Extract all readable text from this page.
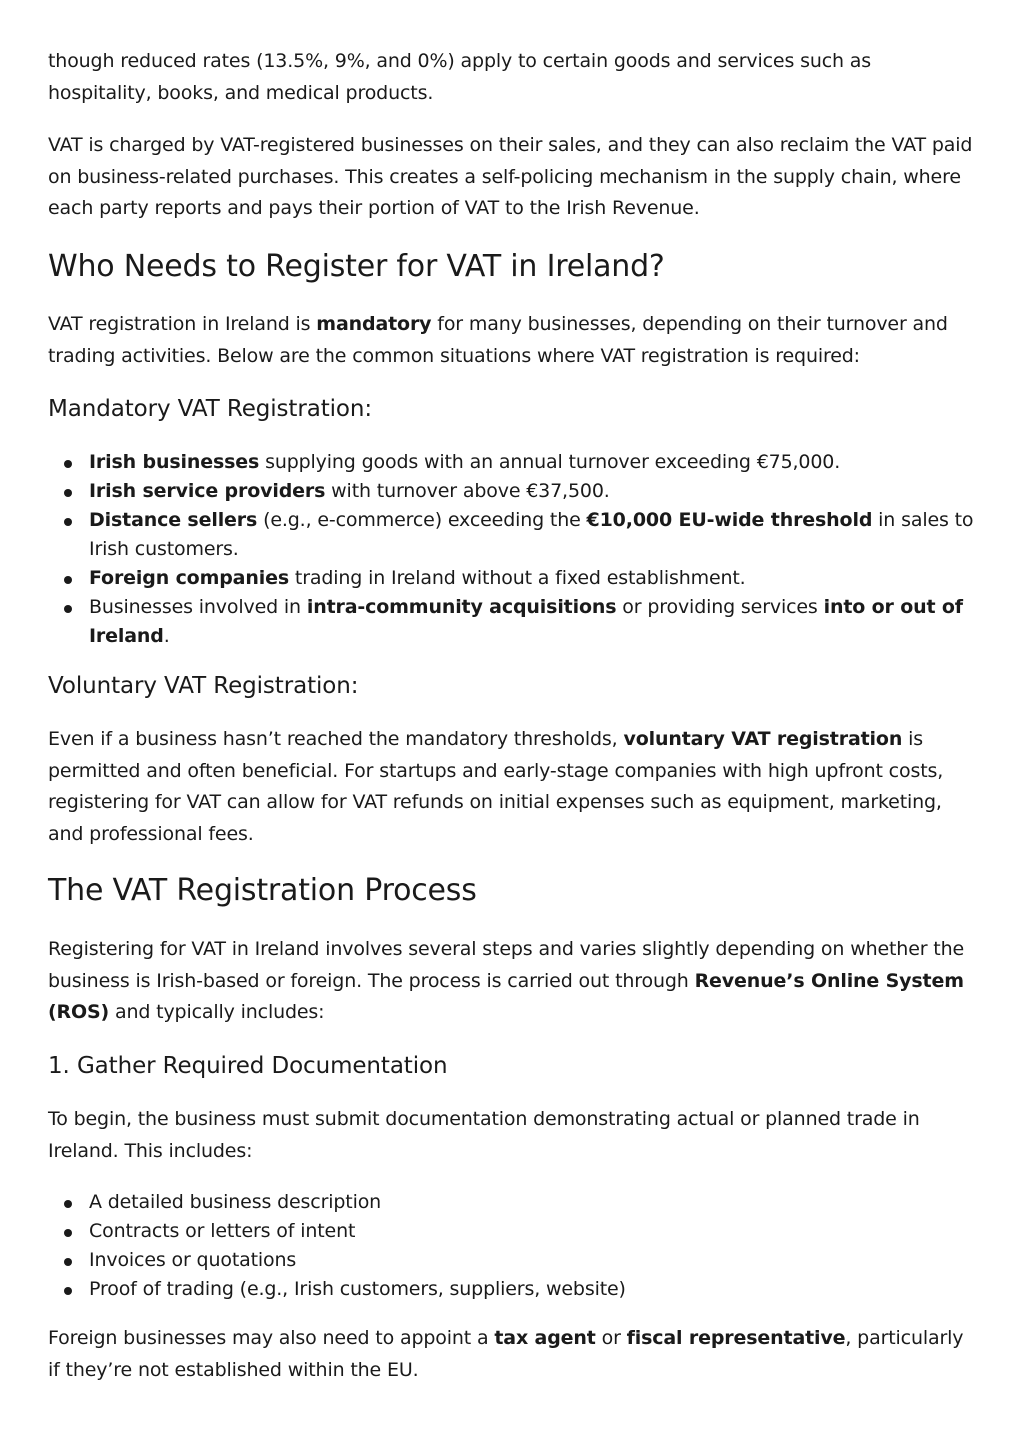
though reduced rates (13.5%, 9%, and 0%) apply to certain goods and services such as hospitality, books, and medical products.

VAT is charged by VAT-registered businesses on their sales, and they can also reclaim the VAT paid on business-related purchases. This creates a self-policing mechanism in the supply chain, where each party reports and pays their portion of VAT to the Irish Revenue.

Who Needs to Register for VAT in Ireland?

VAT registration in Ireland is mandatory for many businesses, depending on their turnover and trading activities. Below are the common situations where VAT registration is required:

Mandatory VAT Registration:
Irish businesses supplying goods with an annual turnover exceeding €75,000.
Irish service providers with turnover above €37,500.
Distance sellers (e.g., e-commerce) exceeding the €10,000 EU-wide threshold in sales to Irish customers.
Foreign companies trading in Ireland without a fixed establishment.
Businesses involved in intra-community acquisitions or providing services into or out of Ireland.
Voluntary VAT Registration:

Even if a business hasn’t reached the mandatory thresholds, voluntary VAT registration is permitted and often beneficial. For startups and early-stage companies with high upfront costs, registering for VAT can allow for VAT refunds on initial expenses such as equipment, marketing, and professional fees.

The VAT Registration Process

Registering for VAT in Ireland involves several steps and varies slightly depending on whether the business is Irish-based or foreign. The process is carried out through Revenue’s Online System (ROS) and typically includes:

1. Gather Required Documentation

To begin, the business must submit documentation demonstrating actual or planned trade in Ireland. This includes:

A detailed business description
Contracts or letters of intent
Invoices or quotations
Proof of trading (e.g., Irish customers, suppliers, website)

Foreign businesses may also need to appoint a tax agent or fiscal representative, particularly if they’re not established within the EU.
